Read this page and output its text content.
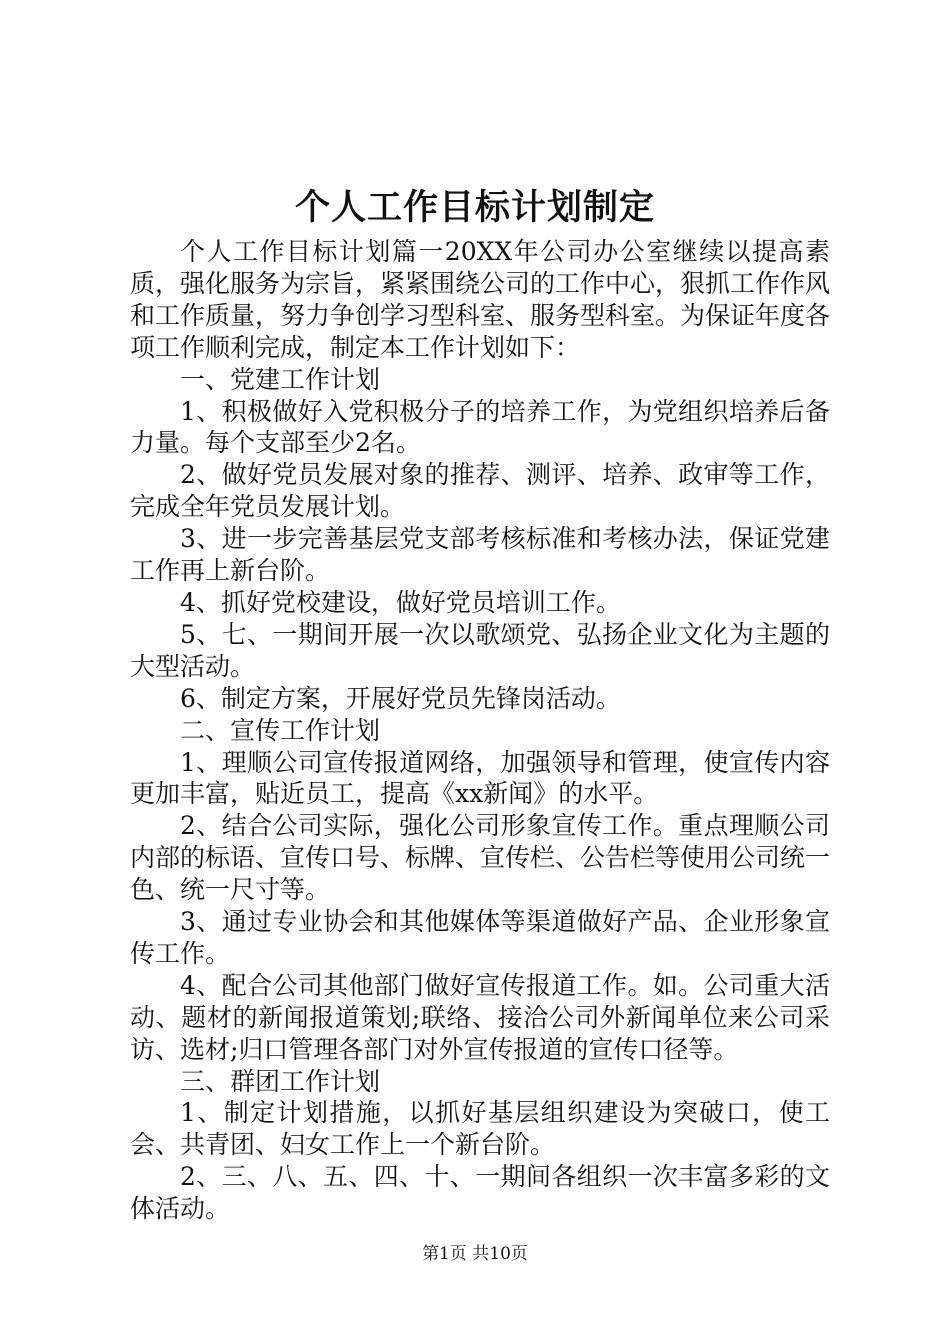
个人工作目标计划制定

个人工作目标计划篇一20XX年公司办公室继续以提高素质，强化服务为宗旨，紧紧围绕公司的工作中心，狠抓工作作风和工作质量，努力争创学习型科室、服务型科室。为保证年度各项工作顺利完成，制定本工作计划如下：

一、党建工作计划

1、积极做好入党积极分子的培养工作，为党组织培养后备力量。每个支部至少2名。

2、做好党员发展对象的推荐、测评、培养、政审等工作，完成全年党员发展计划。

3、进一步完善基层党支部考核标准和考核办法，保证党建工作再上新台阶。

4、抓好党校建设，做好党员培训工作。

5、七、一期间开展一次以歌颂党、弘扬企业文化为主题的大型活动。

6、制定方案，开展好党员先锋岗活动。

二、宣传工作计划

1、理顺公司宣传报道网络，加强领导和管理，使宣传内容更加丰富，贴近员工，提高《xx新闻》的水平。

2、结合公司实际，强化公司形象宣传工作。重点理顺公司内部的标语、宣传口号、标牌、宣传栏、公告栏等使用公司统一色、统一尺寸等。

3、通过专业协会和其他媒体等渠道做好产品、企业形象宣传工作。

4、配合公司其他部门做好宣传报道工作。如。公司重大活动、题材的新闻报道策划;联络、接洽公司外新闻单位来公司采访、选材;归口管理各部门对外宣传报道的宣传口径等。

三、群团工作计划

1、制定计划措施，以抓好基层组织建设为突破口，使工会、共青团、妇女工作上一个新台阶。

2、三、八、五、四、十、一期间各组织一次丰富多彩的文体活动。

第1页 共10页
